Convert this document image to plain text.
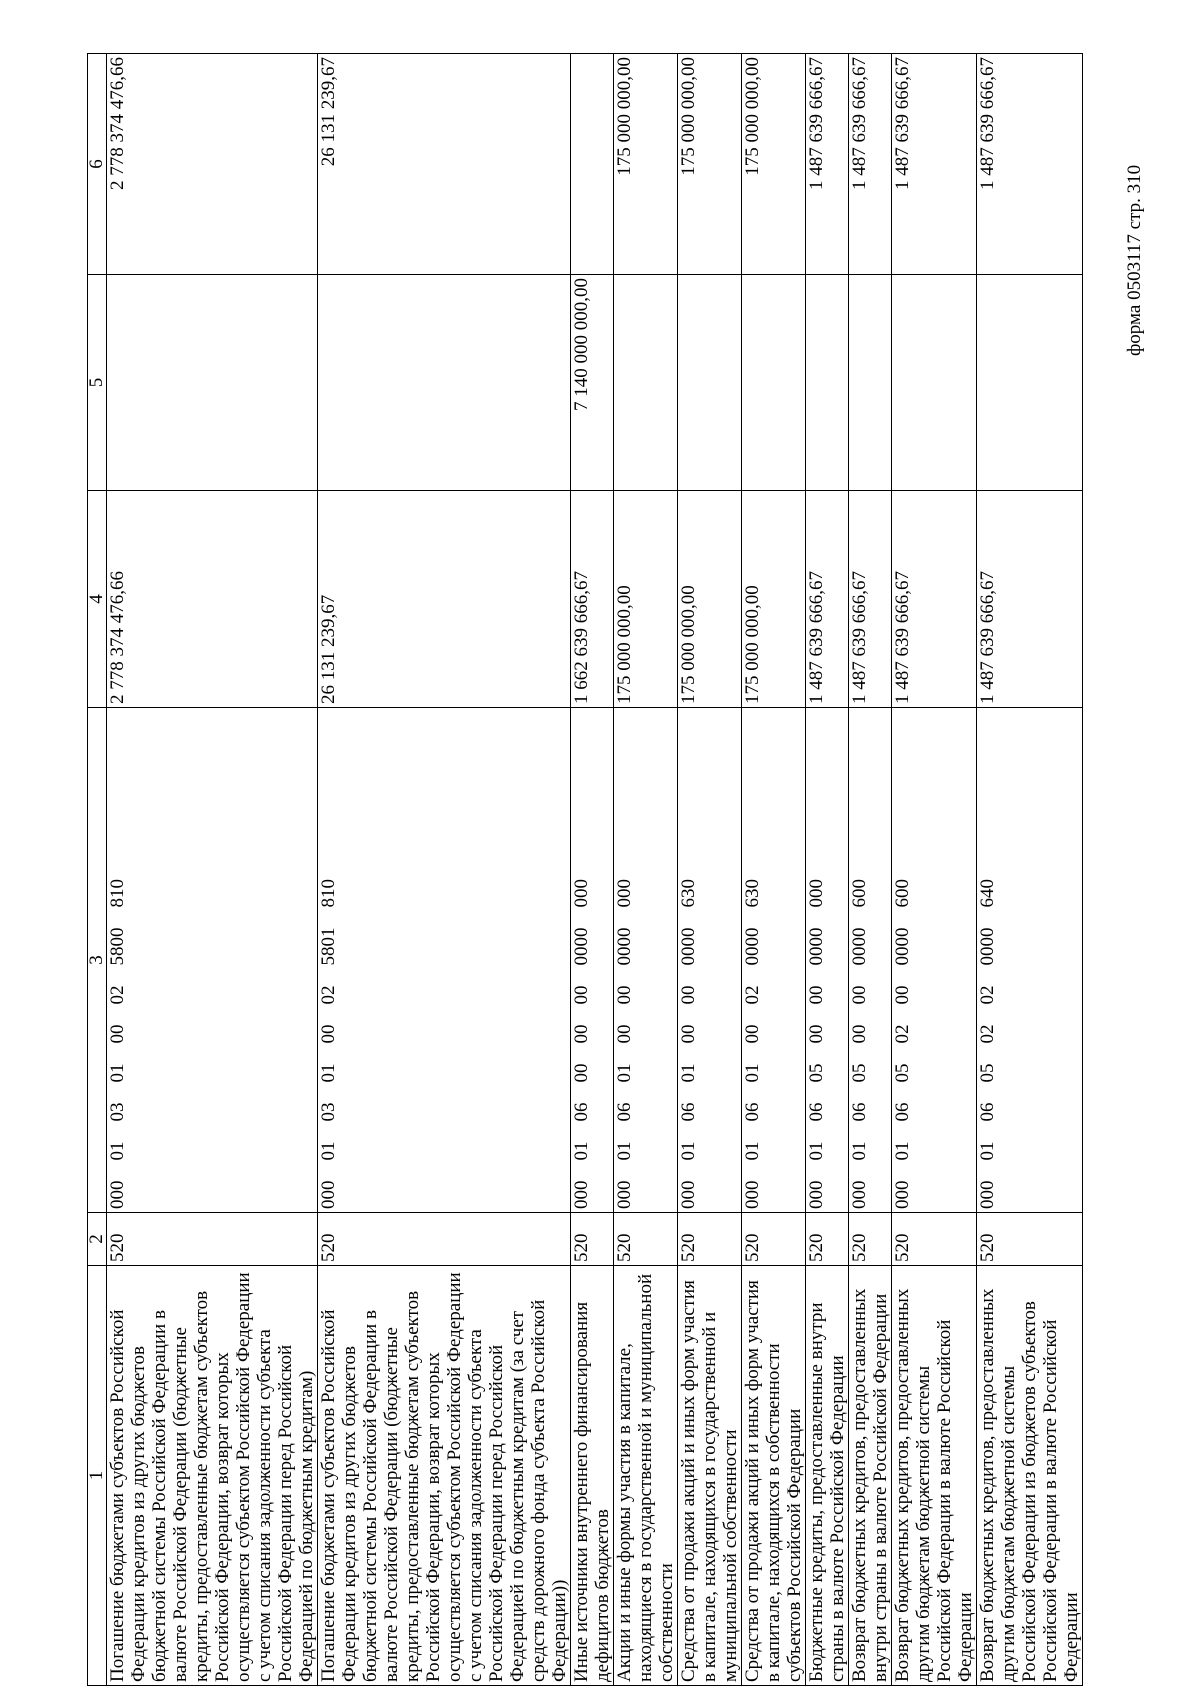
форма 0503117 стр. 310
1	2	3	4	5	6
Погашение бюджетами субъектов Российской Федерации кредитов из других бюджетов бюджетной системы Российской Федерации в валюте Российской Федерации (бюджетные кредиты, предоставленные бюджетам субъектов Российской Федерации, возврат которых осуществляется субъектом Российской Федерации с учетом списания задолженности субъекта Российской Федерации перед Российской Федерацией по бюджетным кредитам)	520	00001030100025800810	2 778 374 476,66		2 778 374 476,66
Погашение бюджетами субъектов Российской Федерации кредитов из других бюджетов бюджетной системы Российской Федерации в валюте Российской Федерации (бюджетные кредиты, предоставленные бюджетам субъектов Российской Федерации, возврат которых осуществляется субъектом Российской Федерации с учетом списания задолженности субъекта Российской Федерации перед Российской Федерацией по бюджетным кредитам (за счет средств дорожного фонда субъекта Российской Федерации))	520	00001030100025801810	26 131 239,67		26 131 239,67
Иные источники внутреннего финансирования дефицитов бюджетов	520	00001060000000000000	1 662 639 666,67	7 140 000 000,00	
Акции и иные формы участия в капитале, находящиеся в государственной и муниципальной собственности	520	00001060100000000000	175 000 000,00		175 000 000,00
Средства от продажи акций и иных форм участия в капитале, находящихся в государственной и муниципальной собственности	520	00001060100000000630	175 000 000,00		175 000 000,00
Средства от продажи акций и иных форм участия в капитале, находящихся в собственности субъектов Российской Федерации	520	00001060100020000630	175 000 000,00		175 000 000,00
Бюджетные кредиты, предоставленные внутри страны в валюте Российской Федерации	520	00001060500000000000	1 487 639 666,67		1 487 639 666,67
Возврат бюджетных кредитов, предоставленных внутри страны в валюте Российской Федерации	520	00001060500000000600	1 487 639 666,67		1 487 639 666,67
Возврат бюджетных кредитов, предоставленных другим бюджетам бюджетной системы Российской Федерации в валюте Российской Федерации	520	00001060502000000600	1 487 639 666,67		1 487 639 666,67
Возврат бюджетных кредитов, предоставленных другим бюджетам бюджетной системы Российской Федерации из бюджетов субъектов Российской Федерации в валюте Российской Федерации	520	00001060502020000640	1 487 639 666,67		1 487 639 666,67
